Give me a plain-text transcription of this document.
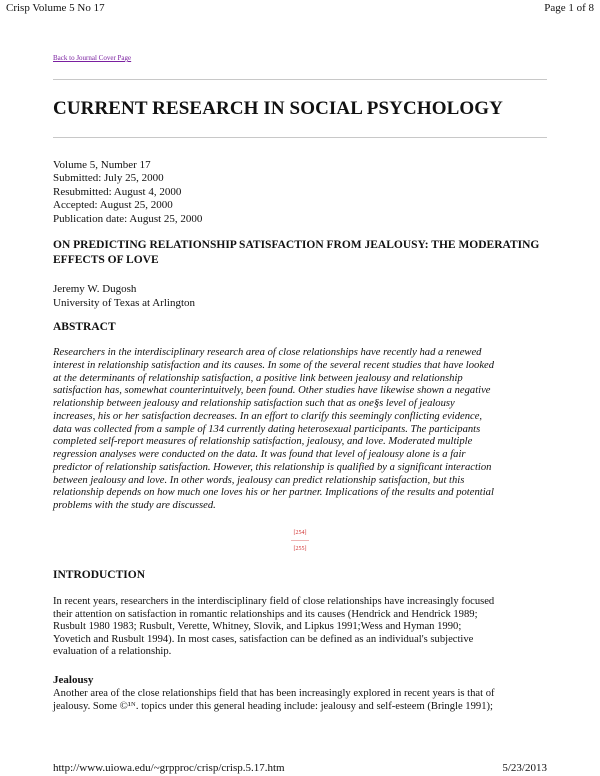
Crisp Volume 5 No 17	Page 1 of 8
Back to Journal Cover Page
CURRENT RESEARCH IN SOCIAL PSYCHOLOGY
Volume 5, Number 17
Submitted: July 25, 2000
Resubmitted: August 4, 2000
Accepted: August 25, 2000
Publication date: August 25, 2000
ON PREDICTING RELATIONSHIP SATISFACTION FROM JEALOUSY: THE MODERATING EFFECTS OF LOVE
Jeremy W. Dugosh
University of Texas at Arlington
ABSTRACT
Researchers in the interdisciplinary research area of close relationships have recently had a renewed
interest in relationship satisfaction and its causes. In some of the several recent studies that have looked
at the determinants of relationship satisfaction, a positive link between jealousy and relationship
satisfaction has, somewhat counterintuitvely, been found. Other studies have likewise shown a negative
relationship between jealousy and relationship satisfaction such that as one§s level of jealousy
increases, his or her satisfaction decreases. In an effort to clarify this seemingly conflicting evidence,
data was collected from a sample of 134 currently dating heterosexual participants. The participants
completed self-report measures of relationship satisfaction, jealousy, and love. Moderated multiple
regression analyses were conducted on the data. It was found that level of jealousy alone is a fair
predictor of relationship satisfaction. However, this relationship is qualified by a significant interaction
between jealousy and love. In other words, jealousy can predict relationship satisfaction, but this
relationship depends on how much one loves his or her partner. Implications of the results and potential
problems with the study are discussed.
[254]
---------
[255]
INTRODUCTION
In recent years, researchers in the interdisciplinary field of close relationships have increasingly focused
their attention on satisfaction in romantic relationships and its causes (Hendrick and Hendrick 1989;
Rusbult 1980 1983; Rusbult, Verette, Whitney, Slovik, and Lipkus 1991;Wess and Hyman 1990;
Yovetich and Rusbult 1994). In most cases, satisfaction can be defined as an individual's subjective
evaluation of a relationship.
Jealousy
Another area of the close relationships field that has been increasingly explored in recent years is that of
jealousy. Some ©¹ᴺ. topics under this general heading include: jealousy and self-esteem (Bringle 1991);
http://www.uiowa.edu/~grpproc/crisp/crisp.5.17.htm	5/23/2013
